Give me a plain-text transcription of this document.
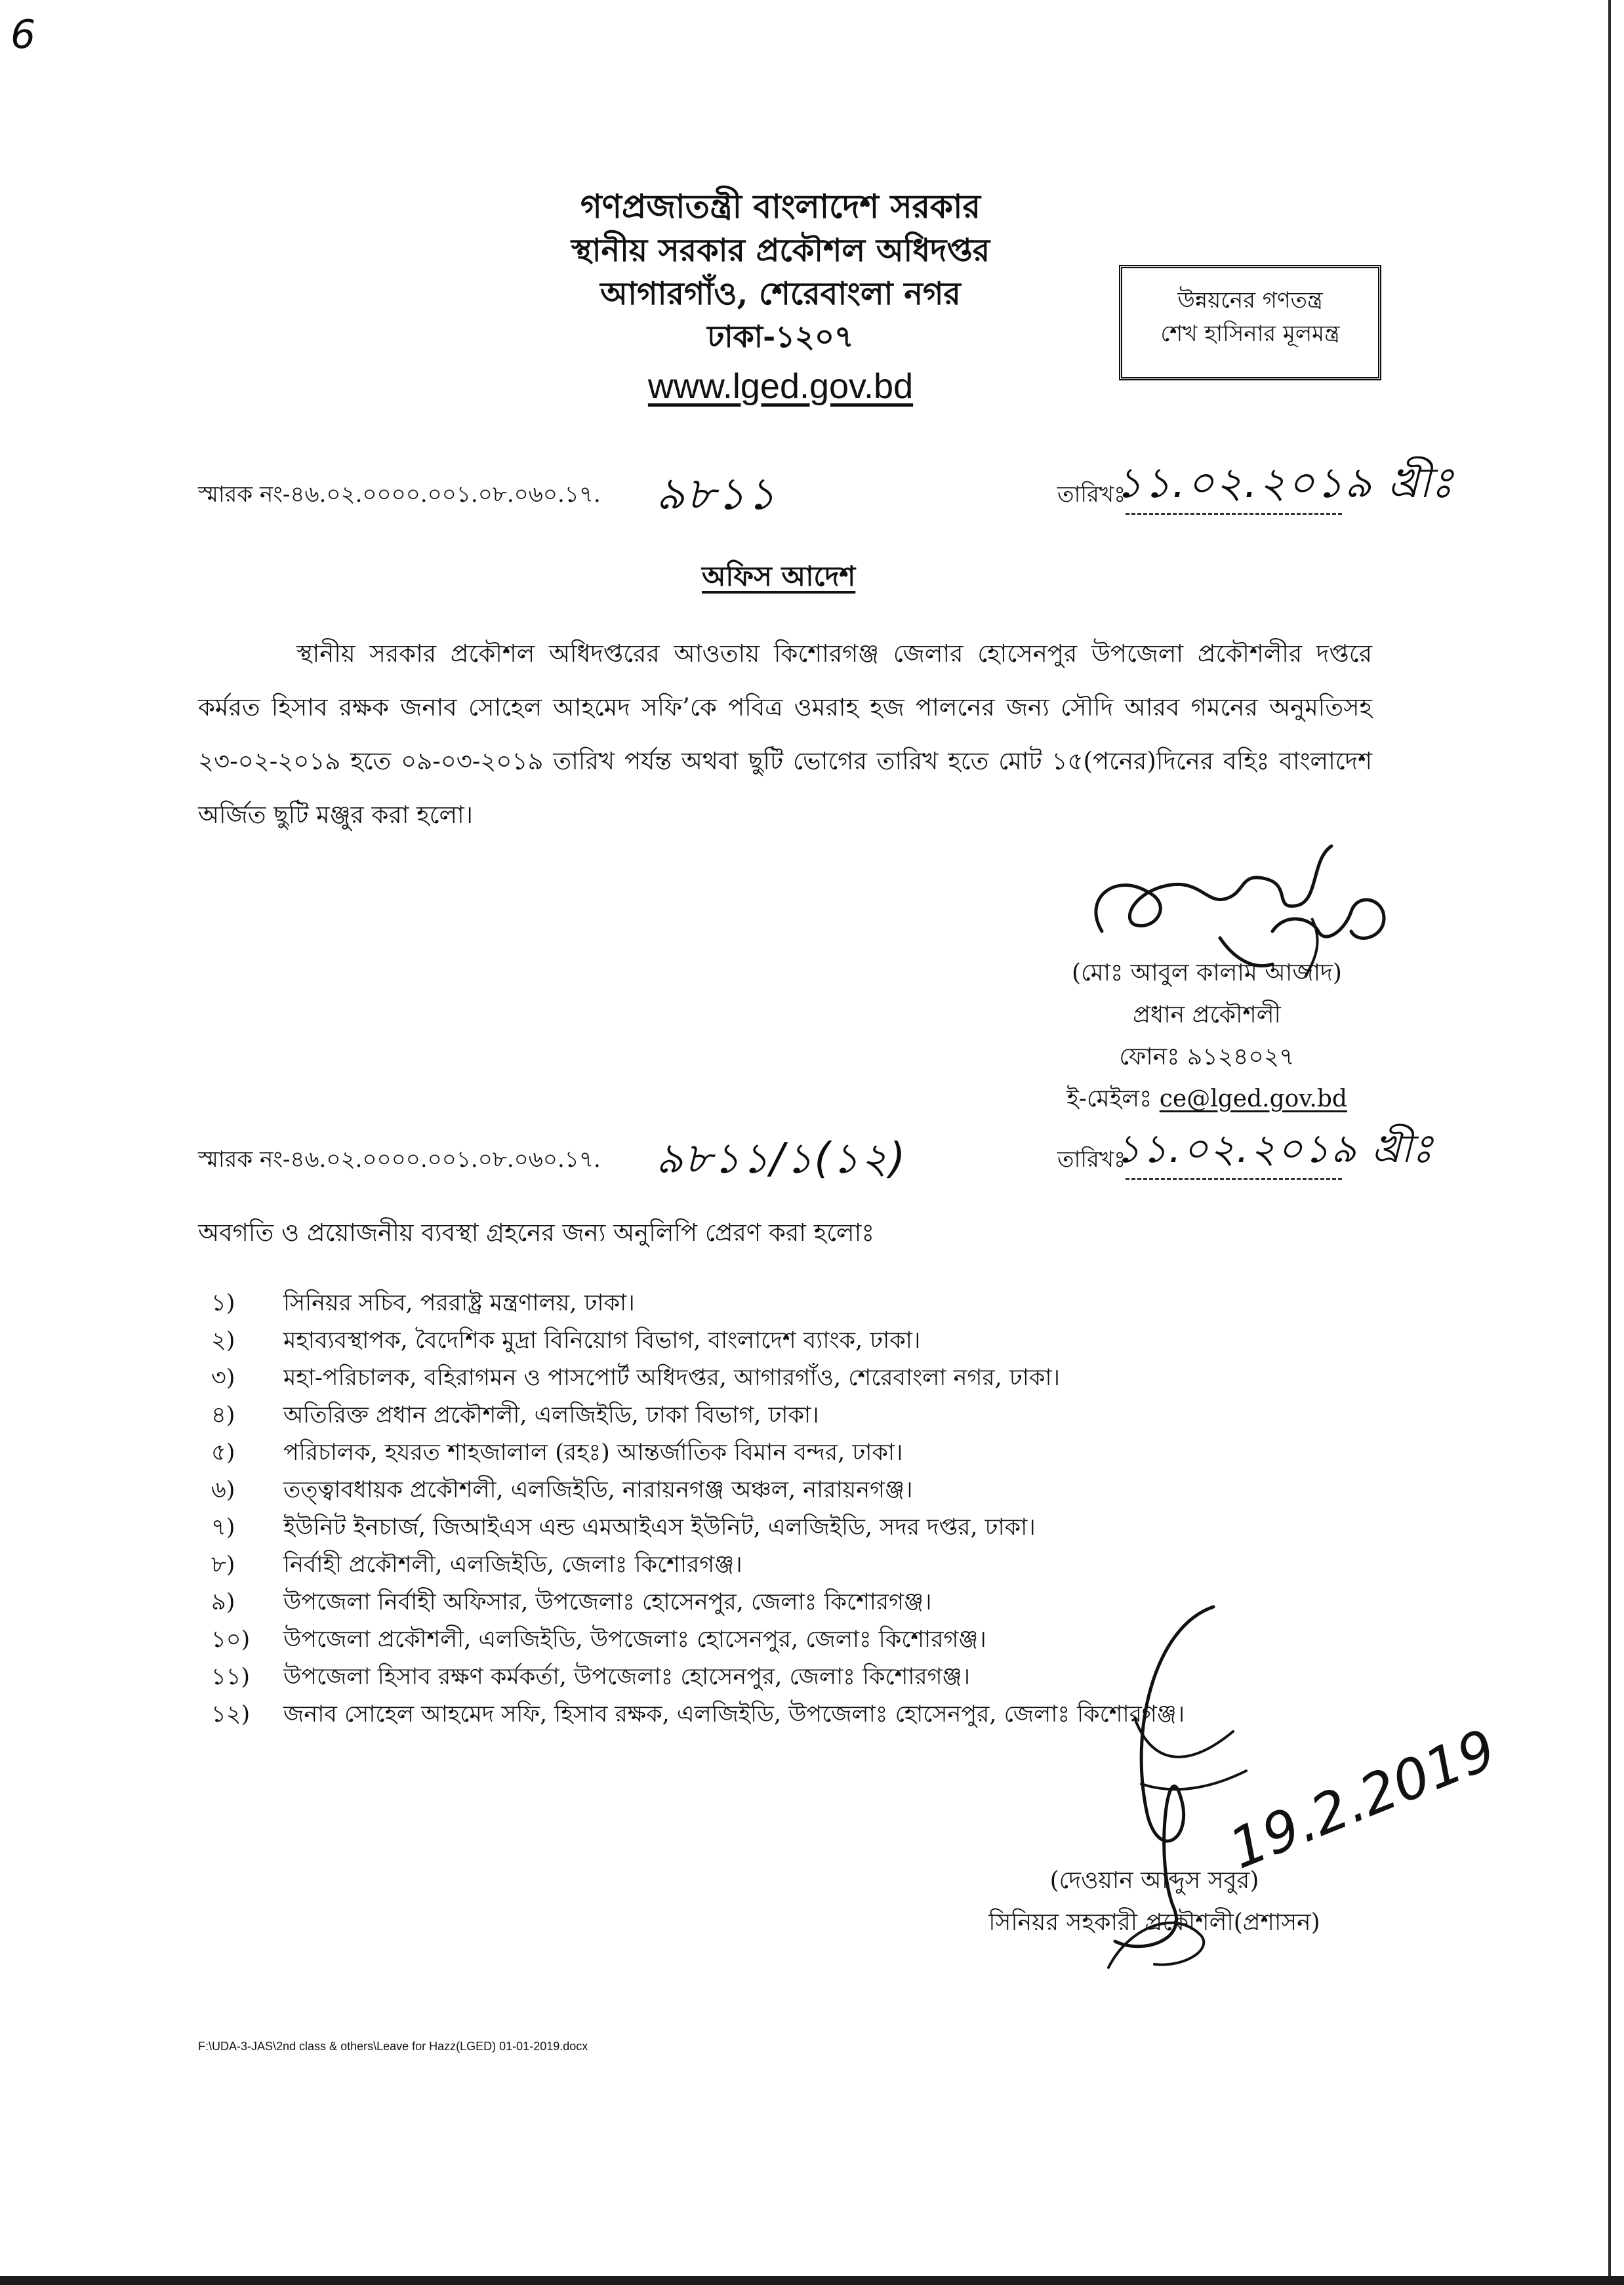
6
গণপ্রজাতন্ত্রী বাংলাদেশ সরকার
স্থানীয় সরকার প্রকৌশল অধিদপ্তর
আগারগাঁও, শেরেবাংলা নগর
ঢাকা-১২০৭
www.lged.gov.bd
উন্নয়নের গণতন্ত্র
শেখ হাসিনার মূলমন্ত্র
স্মারক নং-৪৬.০২.০০০০.০০১.০৮.০৬০.১৭. ৯৮১১	তারিখঃ
১১.০২.২০১৯ খ্রীঃ
অফিস আদেশ
স্থানীয় সরকার প্রকৌশল অধিদপ্তরের আওতায় কিশোরগঞ্জ জেলার হোসেনপুর উপজেলা প্রকৌশলীর দপ্তরে কর্মরত হিসাব রক্ষক জনাব সোহেল আহমেদ সফি’কে পবিত্র ওমরাহ হজ পালনের জন্য সৌদি আরব গমনের অনুমতিসহ ২৩-০২-২০১৯ হতে ০৯-০৩-২০১৯ তারিখ পর্যন্ত অথবা ছুটি ভোগের তারিখ হতে মোট ১৫(পনের)দিনের বহিঃ বাংলাদেশ অর্জিত ছুটি মঞ্জুর করা হলো।
(মোঃ আবুল কালাম আজাদ)
প্রধান প্রকৌশলী
ফোনঃ ৯১২৪০২৭
ই-মেইলঃ ce@lged.gov.bd
স্মারক নং-৪৬.০২.০০০০.০০১.০৮.০৬০.১৭. ৯৮১১/১(১২)	তারিখঃ
১১.০২.২০১৯ খ্রীঃ
অবগতি ও প্রয়োজনীয় ব্যবস্থা গ্রহনের জন্য অনুলিপি প্রেরণ করা হলোঃ
১)	সিনিয়র সচিব, পররাষ্ট্র মন্ত্রণালয়, ঢাকা।
২)	মহাব্যবস্থাপক, বৈদেশিক মুদ্রা বিনিয়োগ বিভাগ, বাংলাদেশ ব্যাংক, ঢাকা।
৩)	মহা-পরিচালক, বহিরাগমন ও পাসপোর্ট অধিদপ্তর, আগারগাঁও, শেরেবাংলা নগর, ঢাকা।
৪)	অতিরিক্ত প্রধান প্রকৌশলী, এলজিইডি, ঢাকা বিভাগ, ঢাকা।
৫)	পরিচালক, হযরত শাহজালাল (রহঃ) আন্তর্জাতিক বিমান বন্দর, ঢাকা।
৬)	তত্ত্বাবধায়ক প্রকৌশলী, এলজিইডি, নারায়নগঞ্জ অঞ্চল, নারায়নগঞ্জ।
৭)	ইউনিট ইনচার্জ, জিআইএস এন্ড এমআইএস ইউনিট, এলজিইডি, সদর দপ্তর, ঢাকা।
৮)	নির্বাহী প্রকৌশলী, এলজিইডি, জেলাঃ কিশোরগঞ্জ।
৯)	উপজেলা নির্বাহী অফিসার, উপজেলাঃ হোসেনপুর, জেলাঃ কিশোরগঞ্জ।
১০)	উপজেলা প্রকৌশলী, এলজিইডি, উপজেলাঃ হোসেনপুর, জেলাঃ কিশোরগঞ্জ।
১১)	উপজেলা হিসাব রক্ষণ কর্মকর্তা, উপজেলাঃ হোসেনপুর, জেলাঃ কিশোরগঞ্জ।
১২)	জনাব সোহেল আহমেদ সফি, হিসাব রক্ষক, এলজিইডি, উপজেলাঃ হোসেনপুর, জেলাঃ কিশোরগঞ্জ।
19.2.2019
(দেওয়ান আব্দুস সবুর)
সিনিয়র সহকারী প্রকৌশলী(প্রশাসন)
F:\UDA-3-JAS\2nd class & others\Leave for Hazz(LGED) 01-01-2019.docx
